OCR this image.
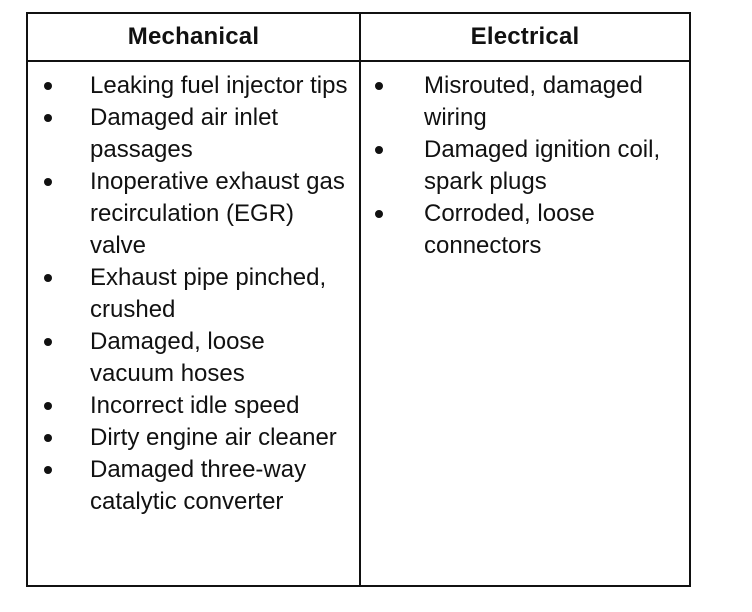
Mechanical	Electrical
Leaking fuel injector tips
Damaged air inlet passages
Inoperative exhaust gas recirculation (EGR) valve
Exhaust pipe pinched, crushed
Damaged, loose vacuum hoses
Incorrect idle speed
Dirty engine air cleaner
Damaged three-way catalytic converter
Misrouted, damaged wiring
Damaged ignition coil, spark plugs
Corroded, loose connectors
